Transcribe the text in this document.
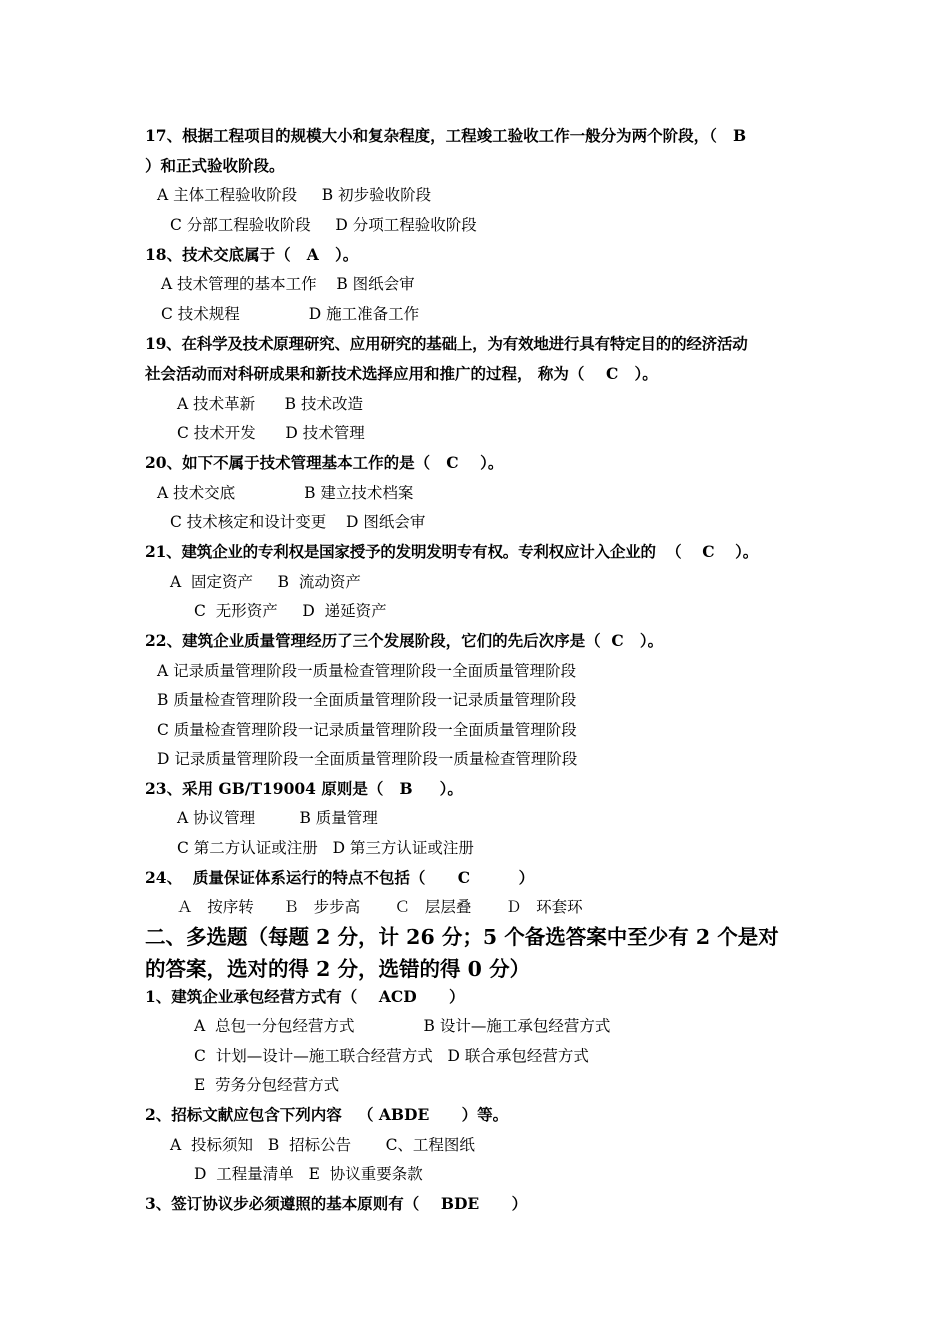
17、根据工程项目的规模大小和复杂程度，工程竣工验收工作一般分为两个阶段，（   B
）和正式验收阶段。
A 主体工程验收阶段     B 初步验收阶段
C 分部工程验收阶段     D 分项工程验收阶段
18、技术交底属于（   A   ）。
A 技术管理的基本工作    B 图纸会审
C 技术规程              D 施工准备工作
19、在科学及技术原理研究、应用研究的基础上，为有效地进行具有特定目的的经济活动
社会活动而对科研成果和新技术选择应用和推广的过程， 称为（    C   ）。
A 技术革新      B 技术改造
C 技术开发      D 技术管理
20、如下不属于技术管理基本工作的是（   C    ）。
A 技术交底              B 建立技术档案
C 技术核定和设计变更    D 图纸会审
21、建筑企业的专利权是国家授予的发明发明专有权。专利权应计入企业的  （    C    ）。
A  固定资产     B  流动资产
C  无形资产     D  递延资产
22、建筑企业质量管理经历了三个发展阶段，它们的先后次序是（  C   ）。
A 记录质量管理阶段一质量检查管理阶段一全面质量管理阶段
B 质量检查管理阶段一全面质量管理阶段一记录质量管理阶段
C 质量检查管理阶段一记录质量管理阶段一全面质量管理阶段
D 记录质量管理阶段一全面质量管理阶段一质量检查管理阶段
23、采用 GB/T19004 原则是（   B     ）。
A 协议管理         B 质量管理
C 第二方认证或注册   D 第三方认证或注册
24、  质量保证体系运行的特点不包括（      C         ）
Ａ   按序转      Ｂ   步步高       Ｃ   层层叠       Ｄ   环套环
二、多选题（每题 2 分，计 26 分；5 个备选答案中至少有 2 个是对
的答案，选对的得 2 分，选错的得 0 分）
1、建筑企业承包经营方式有（    ACD      ）
A  总包一分包经营方式              B 设计—施工承包经营方式
C  计划—设计—施工联合经营方式   D 联合承包经营方式
E  劳务分包经营方式
2、招标文献应包含下列内容   （ ABDE      ）等。
A  投标须知   B  招标公告       C、工程图纸
D  工程量清单   E  协议重要条款
3、签订协议步必须遵照的基本原则有（    BDE      ）
